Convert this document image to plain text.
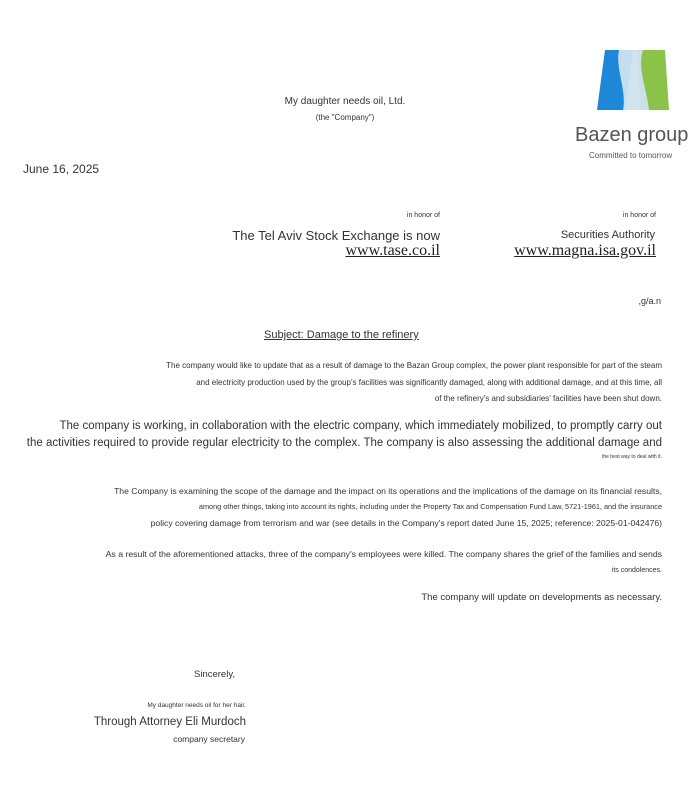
My daughter needs oil, Ltd.
(the "Company")
Bazen group
Committed to tomorrow
June 16, 2025
in honor of
The Tel Aviv Stock Exchange is now
www.tase.co.il
in honor of
Securities Authority
www.magna.isa.gov.il
,g/a.n
Subject: Damage to the refinery
The company would like to update that as a result of damage to the Bazan Group complex, the power plant responsible for part of the steam
and electricity production used by the group's facilities was significantly damaged, along with additional damage, and at this time, all
of the refinery's and subsidiaries' facilities have been shut down.
The company is working, in collaboration with the electric company, which immediately mobilized, to promptly carry out
the activities required to provide regular electricity to the complex. The company is also assessing the additional damage and
the best way to deal with it.
The Company is examining the scope of the damage and the impact on its operations and the implications of the damage on its financial results,
among other things, taking into account its rights, including under the Property Tax and Compensation Fund Law, 5721-1961, and the insurance
policy covering damage from terrorism and war (see details in the Company's report dated June 15, 2025; reference: 2025-01-042476)
As a result of the aforementioned attacks, three of the company's employees were killed. The company shares the grief of the families and sends
its condolences.
The company will update on developments as necessary.
Sincerely,
My daughter needs oil for her hair.
Through Attorney Eli Murdoch
company secretary
